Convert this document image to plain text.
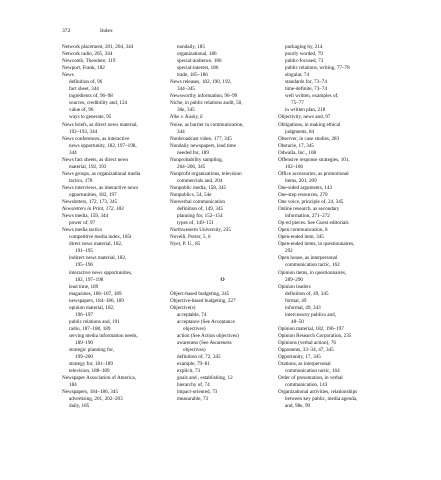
372	Index
Network placement, 201, 204, 344
Network radio, 205, 344
Newcomb, Theodore, 119
Newport, Frank, 182
News
definition of, 96
fact sheet, 344
ingredients of, 96–98
sources, credibility and, 124
value of, 96
ways to generate, 95
News briefs, as direct news material,
192–193, 344
News conferences, as interactive
news opportunity, 182, 197–198,
344
News fact sheets, as direct news
material, 192, 193
News groups, as organizational media
tactics, 178
News interviews, as interactive news
opportunities, 182, 197
Newsletters, 172, 173, 345
Newsletters in Print, 172, 183
News media, 159, 344
power of, 97
News media tactics
competitive media index, 185t
direct news material, 182,
191–195
indirect news material, 182,
195–196
interactive news opportunities,
182, 197–198
lead time, 189
magazines, 186–187, 189
newspapers, 184–186, 189
opinion material, 182,
196–197
public relations and, 191
radio, 187–188, 189
serving media information needs,
189–190
strategic planning for,
199–200
strategy for, 181–189
television, 188–189
Newspaper Association of America,
184
Newspapers, 184–186, 345
advertising, 201, 202–203
daily, 185
nondaily, 185
organizational, 186
special-audience, 186
special-interest, 186
trade, 185–186
News releases, 182, 190, 192,
344–345
Newsworthy information, 96–99
Niche, in public relations audit, 50,
30e, 345
Nike v. Kasky, 6
Noise, as barrier in communication,
344
Nonbroadcast video, 177, 345
Nondaily newspapers, lead time
needed for, 189
Nonprobability sampling,
264–266, 345
Nonprofit organizations, television
commercials and, 204
Nonpublic media, 158, 345
Nonpublics, 54, 54e
Nonverbal communication
definition of, 149, 345
planning for, 152–154
types of, 149–151
Northwestern University, 235
Novelli, Porter, 5, 6
Nyer, P. U., 85
O
Object-based budgeting, 245
Objective-based budgeting, 227
Objective(s)
acceptable, 74
acceptance (See Acceptance
objectives)
action (See Action objectives)
awareness (See Awareness
objectives)
definition of, 72, 345
example, 79–81
explicit, 73
goals and , establishing, 12
hierarchy of, 74
impact-oriented, 73
measurable, 73
packaging by, 214
poorly worded, 79
public-focused, 73
public relations, writing, 77–78
singular, 74
standards for, 73–74
time-definite, 73–74
well written, examples of,
75–77
in written plan, 218
Objectivity, news and, 97
Obligations, in making ethical
judgments, 84
Observer, in case studies, 283
Obstacle, 17, 345
Odwalla, Inc., 108
Offensive response strategies, 101,
102–106
Office accessories, as promotional
items, 201, 209
One-sided arguments, 143
One-step resources, 270
One voice, principle of, 24, 345
Online research, as secondary
information, 271–272
Op-ed pieces. See Guest editorials
Open communication, 8
Open-ended item, 345
Open-ended items, in questionnaires,
292
Open house, as interpersonal
communication tactic, 162
Opinion items, in questionnaires,
289–290
Opinion leaders
definition of, 49, 345
formal, 49
informal, 49, 343
intercessory publics and,
48–50
Opinion material, 182, 196–197
Opinion Research Corporation, 235
Opinions (verbal action), 76
Opponents, 33–34, 47, 345
Opportunity, 17, 345
Orations, as interpersonal
communication tactic, 164
Order of presentation, in verbal
communication, 143
Organizational activities, relationships
between key public, media agenda,
and, 98e, 99
